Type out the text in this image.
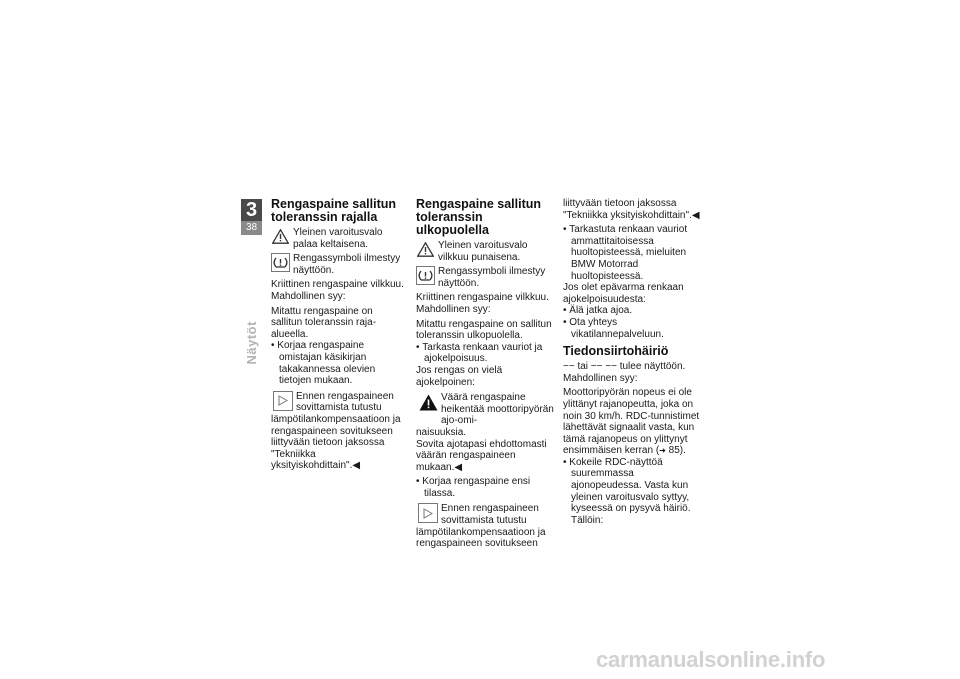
3
38
Näytöt
Rengaspaine sallitun toleranssin rajalla

Yleinen varoitusvalo palaa keltaisena.

Rengassymboli ilmestyy näyttöön.

Kriittinen rengaspaine vilkkuu.

Mahdollinen syy:

Mitattu rengaspaine on sallitun toleranssin raja-alueella.

• Korjaa rengaspaine omistajan käsikirjan takakannessa olevien tietojen mukaan.

Ennen rengaspaineen sovittamista tutustu

lämpötilankompensaatioon ja rengaspaineen sovitukseen liittyvään tietoon jaksossa "Tekniikka yksityiskohdittain".◀

Rengaspaine sallitun toleranssin ulkopuolella

Yleinen varoitusvalo vilkkuu punaisena.

Rengassymboli ilmestyy näyttöön.

Kriittinen rengaspaine vilkkuu.

Mahdollinen syy:

Mitattu rengaspaine on sallitun toleranssin ulkopuolella.

• Tarkasta renkaan vauriot ja ajokelpoisuus.

Jos rengas on vielä ajokelpoinen:

Väärä rengaspaine heikentää moottoripyörän ajo-omi-

naisuuksia.

Sovita ajotapasi ehdottomasti väärän rengaspaineen mukaan.◀

• Korjaa rengaspaine ensi tilassa.

Ennen rengaspaineen sovittamista tutustu

lämpötilankompensaatioon ja rengaspaineen sovitukseen

liittyvään tietoon jaksossa "Tekniikka yksityiskohdittain".◀

• Tarkastuta renkaan vauriot ammattitaitoisessa huoltopisteessä, mieluiten BMW Motorrad huoltopisteessä.

Jos olet epävarma renkaan ajokelpoisuudesta:

• Älä jatka ajoa.

• Ota yhteys vikatilannepalveluun.

Tiedonsiirtohäiriö

−− tai −− −− tulee näyttöön.

Mahdollinen syy:

Moottoripyörän nopeus ei ole ylittänyt rajanopeutta, joka on noin 30 km/h. RDC-tunnistimet lähettävät signaalit vasta, kun tämä rajanopeus on ylittynyt ensimmäisen kerran (➜ 85).

• Kokeile RDC-näyttöä suuremmassa ajonopeudessa. Vasta kun yleinen varoitusvalo syttyy, kyseessä on pysyvä häiriö. Tällöin:

carmanualsonline.info
